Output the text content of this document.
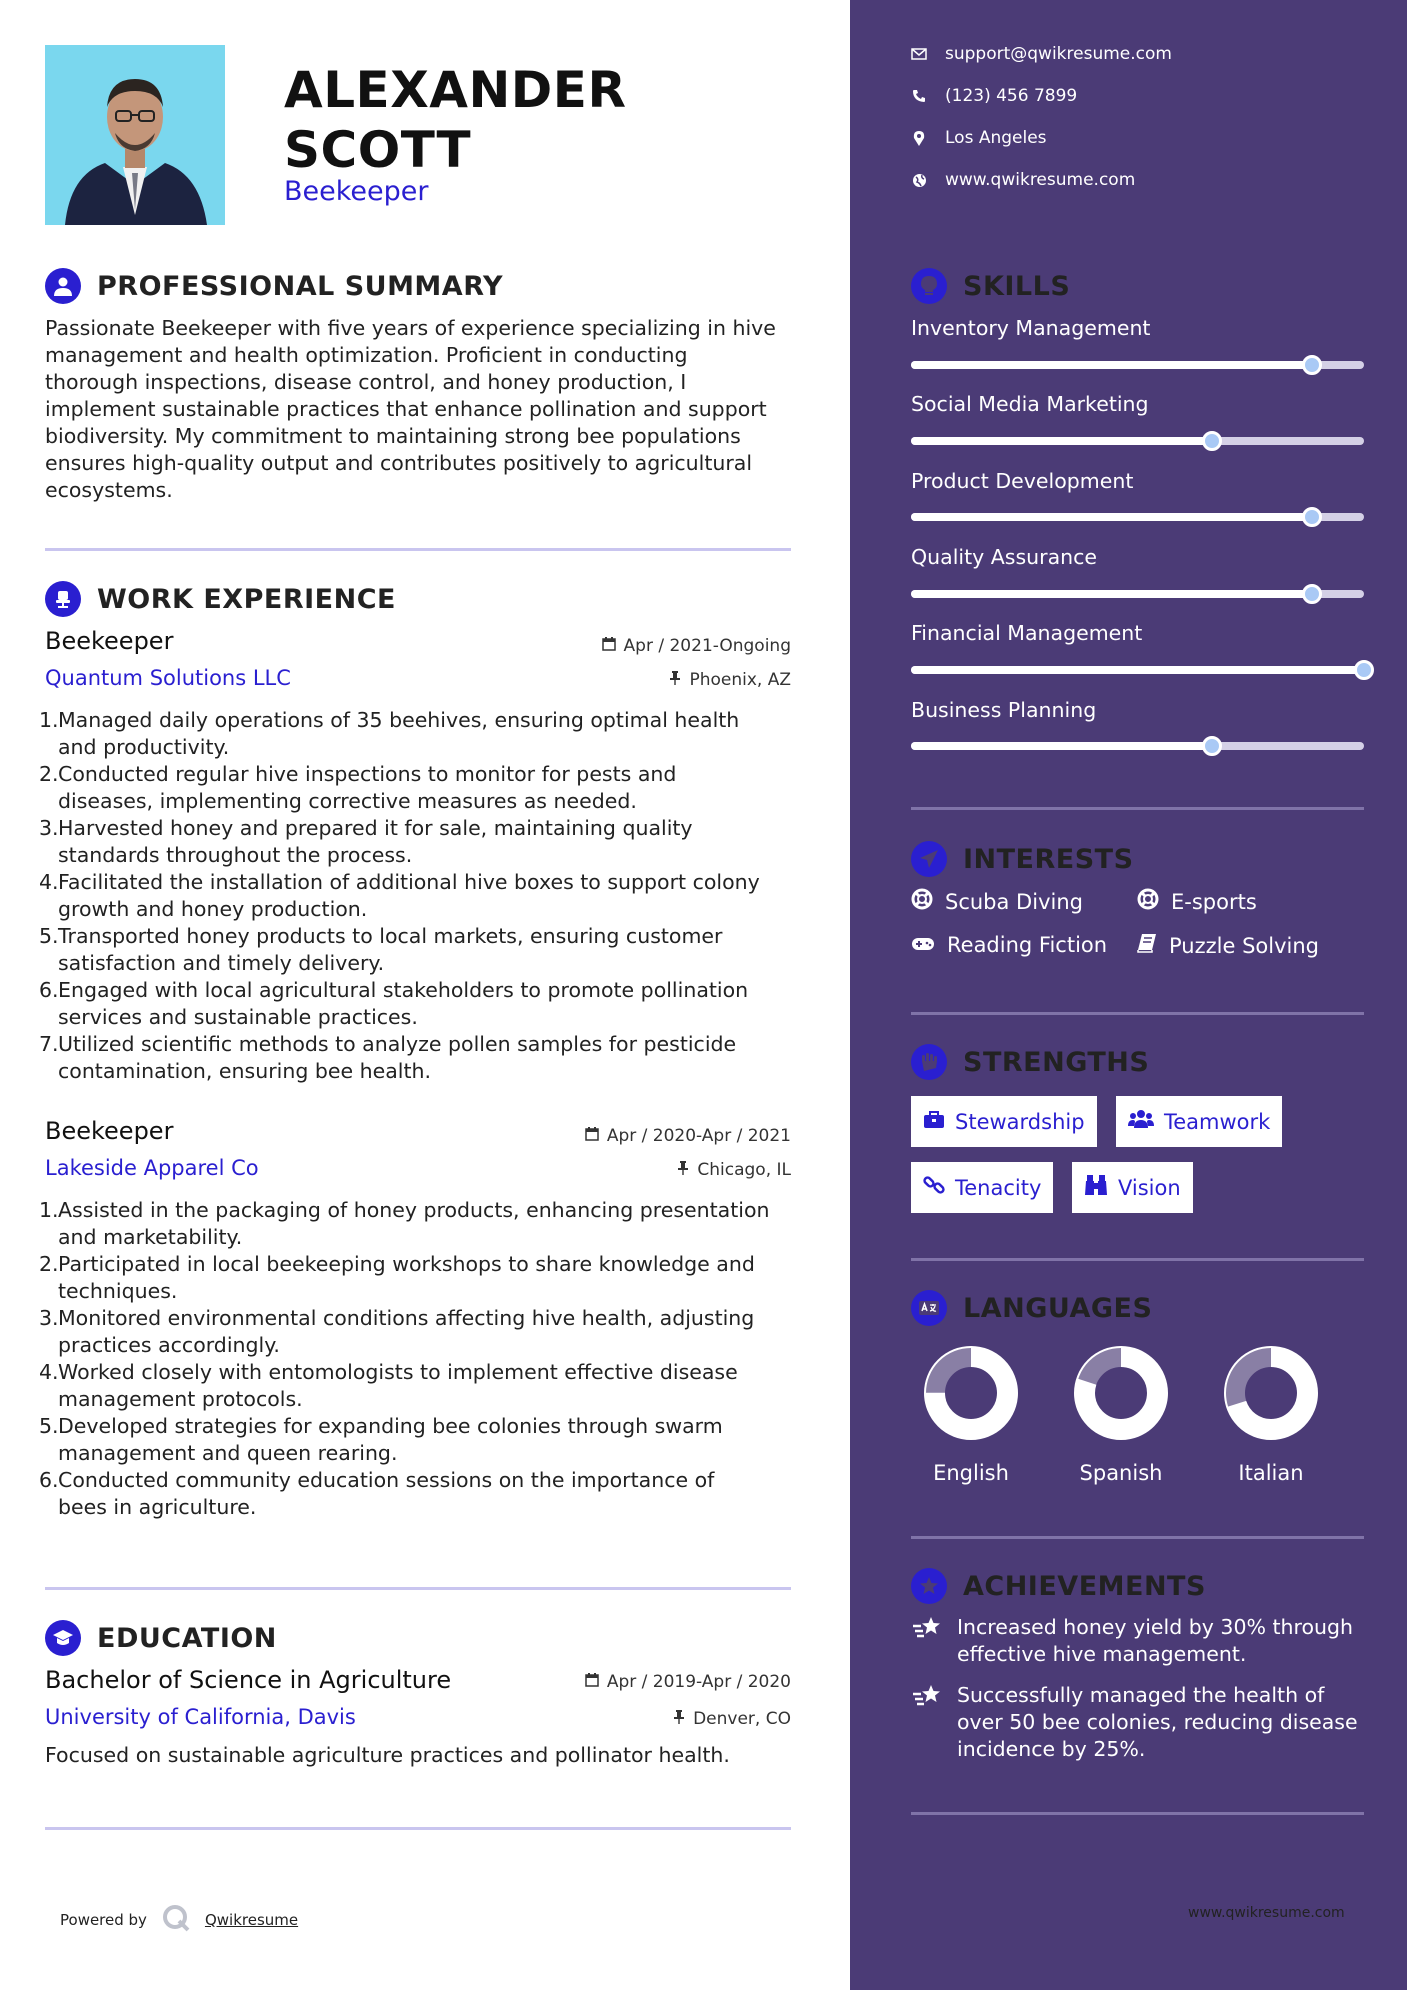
ALEXANDER
SCOTT
Beekeeper
PROFESSIONAL SUMMARY
Passionate Beekeeper with five years of experience specializing in hive
management and health optimization. Proficient in conducting
thorough inspections, disease control, and honey production, I
implement sustainable practices that enhance pollination and support
biodiversity. My commitment to maintaining strong bee populations
ensures high-quality output and contributes positively to agricultural
ecosystems.
WORK EXPERIENCE
Beekeeper
Quantum Solutions LLC
Apr / 2021-Ongoing
Phoenix, AZ
1. Managed daily operations of 35 beehives, ensuring optimal health
and productivity.
2. Conducted regular hive inspections to monitor for pests and
diseases, implementing corrective measures as needed.
3. Harvested honey and prepared it for sale, maintaining quality
standards throughout the process.
4. Facilitated the installation of additional hive boxes to support colony
growth and honey production.
5. Transported honey products to local markets, ensuring customer
satisfaction and timely delivery.
6. Engaged with local agricultural stakeholders to promote pollination
services and sustainable practices.
7. Utilized scientific methods to analyze pollen samples for pesticide
contamination, ensuring bee health.
Beekeeper
Lakeside Apparel Co
Apr / 2020-Apr / 2021
Chicago, IL
1. Assisted in the packaging of honey products, enhancing presentation
and marketability.
2. Participated in local beekeeping workshops to share knowledge and
techniques.
3. Monitored environmental conditions affecting hive health, adjusting
practices accordingly.
4. Worked closely with entomologists to implement effective disease
management protocols.
5. Developed strategies for expanding bee colonies through swarm
management and queen rearing.
6. Conducted community education sessions on the importance of
bees in agriculture.
EDUCATION
Bachelor of Science in Agriculture
University of California, Davis
Apr / 2019-Apr / 2020
Denver, CO
Focused on sustainable agriculture practices and pollinator health.
Powered by	Qwikresume
support@qwikresume.com
(123) 456 7899
Los Angeles
www.qwikresume.com
SKILLS
Inventory Management
Social Media Marketing
Product Development
Quality Assurance
Financial Management
Business Planning
INTERESTS
Scuba Diving	E-sports
Reading Fiction	Puzzle Solving
STRENGTHS
Stewardship	Teamwork
Tenacity	Vision
LANGUAGES
English	Spanish	Italian
ACHIEVEMENTS
Increased honey yield by 30% through
effective hive management.
Successfully managed the health of
over 50 bee colonies, reducing disease
incidence by 25%.
www.qwikresume.com
